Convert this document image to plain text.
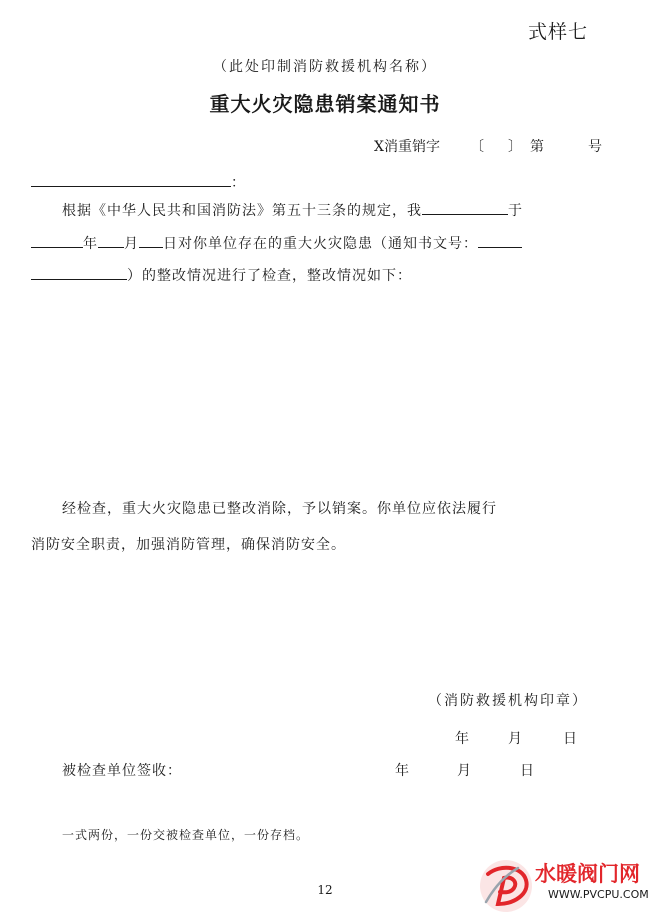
式样七
（此处印制消防救援机构名称）
重大火灾隐患销案通知书
X消重销字 〔 〕 第	号
：
根据《中华人民共和国消防法》第五十三条的规定，我	于
年 月 日对你单位存在的重大火灾隐患（通知书文号：
）的整改情况进行了检查，整改情况如下：
经检查，重大火灾隐患已整改消除，予以销案。你单位应依法履行
消防安全职责，加强消防管理，确保消防安全。
（消防救援机构印章）
年	月	日
被检查单位签收：	年	月	日
一式两份，一份交被检查单位，一份存档。
12
水暖阀门网
WWW.PVCPU.COM
